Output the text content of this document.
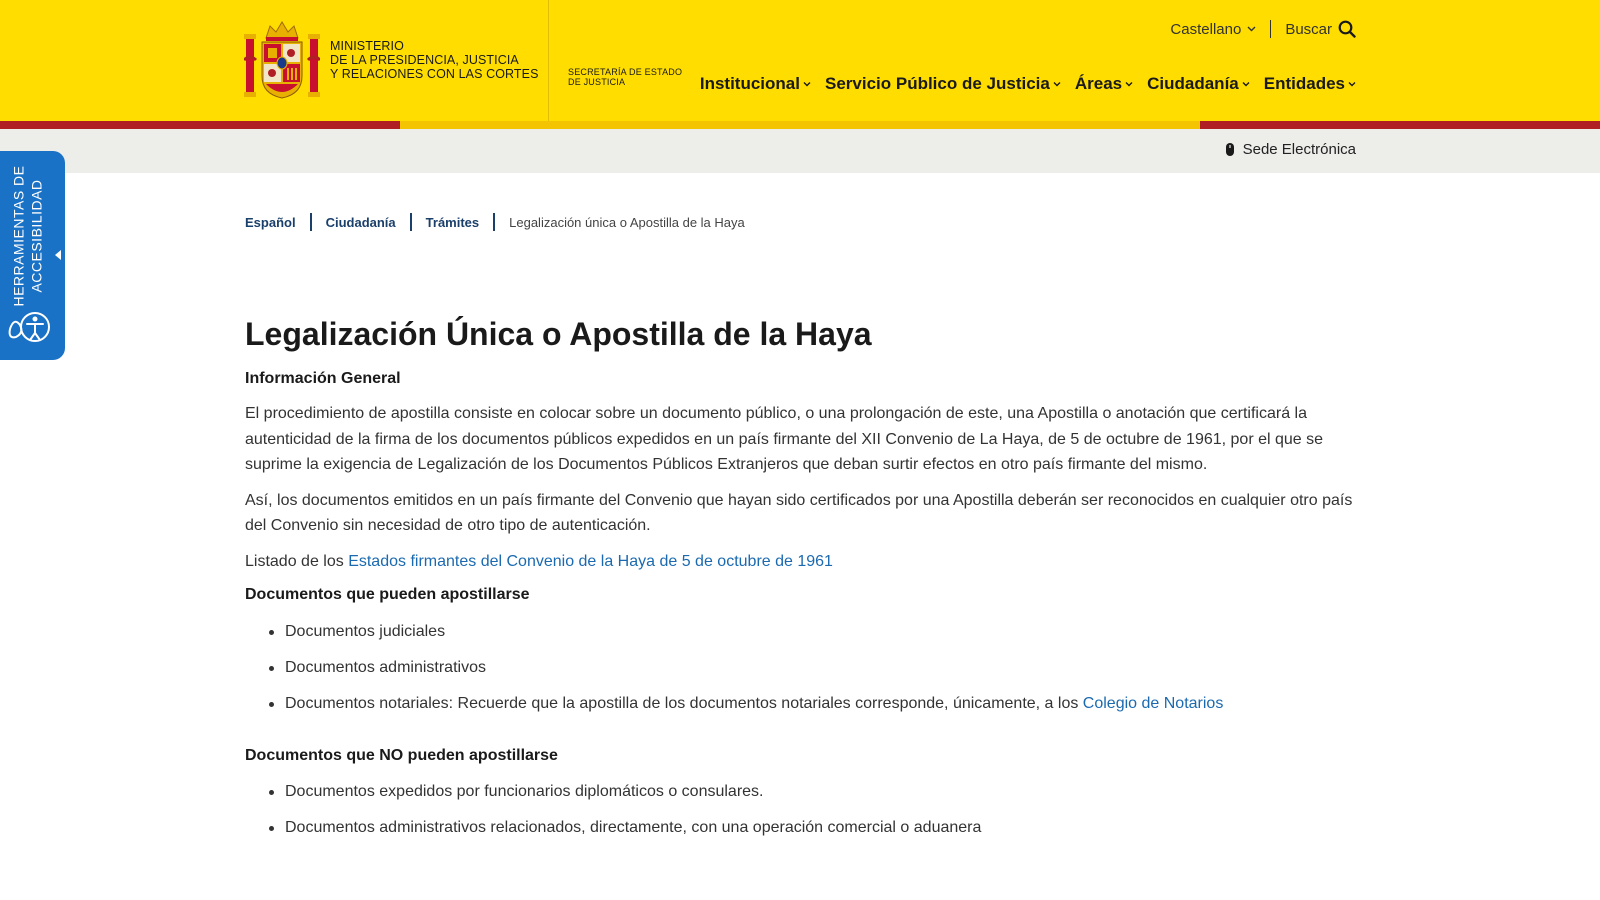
MINISTERIO
DE LA PRESIDENCIA, JUSTICIA
Y RELACIONES CON LAS CORTES	SECRETARÍA DE ESTADO
DE JUSTICIA
Castellano	Buscar
Institucional Servicio Público de Justicia Áreas Ciudadanía Entidades
Sede Electrónica
HERRAMIENTAS DE ACCESIBILIDAD	Español Ciudadanía Trámites Legalización única o Apostilla de la Haya
Legalización Única o Apostilla de la Haya
Información General

El procedimiento de apostilla consiste en colocar sobre un documento público, o una prolongación de este, una Apostilla o anotación que certificará la autenticidad de la firma de los documentos públicos expedidos en un país firmante del XII Convenio de La Haya, de 5 de octubre de 1961, por el que se suprime la exigencia de Legalización de los Documentos Públicos Extranjeros que deban surtir efectos en otro país firmante del mismo.

Así, los documentos emitidos en un país firmante del Convenio que hayan sido certificados por una Apostilla deberán ser reconocidos en cualquier otro país del Convenio sin necesidad de otro tipo de autenticación.

Listado de los Estados firmantes del Convenio de la Haya de 5 de octubre de 1961

Documentos que pueden apostillarse
Documentos judiciales
Documentos administrativos
Documentos notariales: Recuerde que la apostilla de los documentos notariales corresponde, únicamente, a los Colegio de Notarios
Documentos que NO pueden apostillarse
Documentos expedidos por funcionarios diplomáticos o consulares.
Documentos administrativos relacionados, directamente, con una operación comercial o aduanera
